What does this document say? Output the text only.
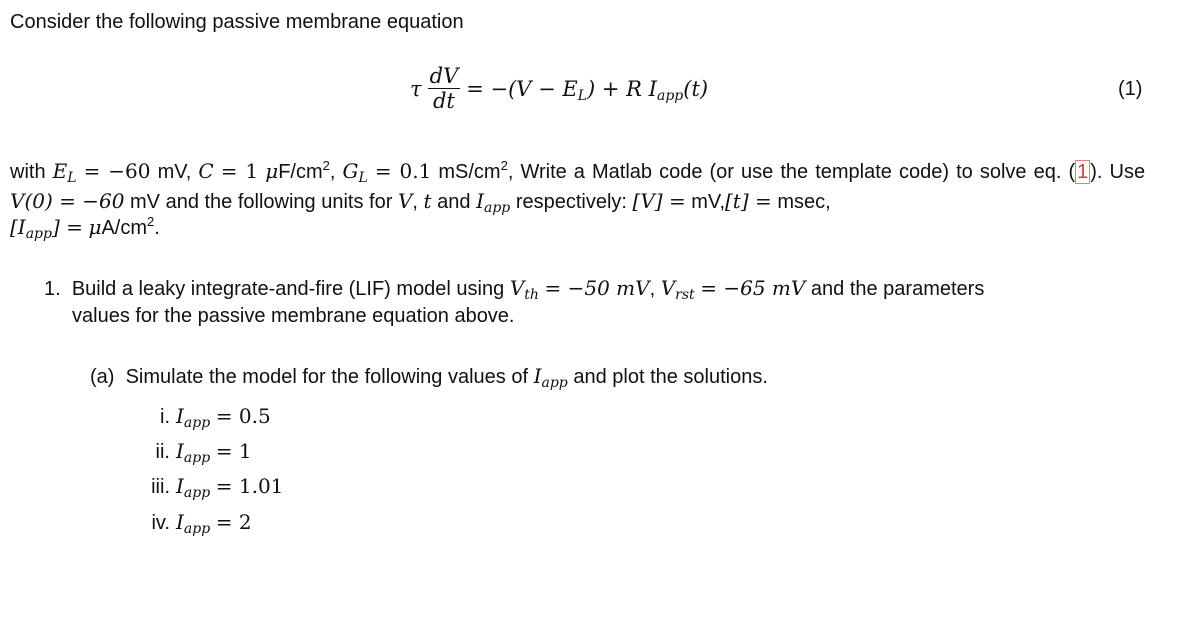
Consider the following passive membrane equation
τ $\frac{dV}{dt} = -(V - E_L) + R$ $I_{app}(t)$	(1)
with $E_L = -60$ mV, C = 1 $\mu F/cm^2$, $G_L = 0.1$ $mS/cm^2$, Write a Matlab code (or use the template code) to solve eq. ( 1 ). Use V(0) = −60 mV and the following units for V, t and $I_{app}$ respectively: [V] = mV,[t] = msec,
$[I_{app}] = \mu A/cm^2$.
1. Build a leaky integrate-and-fire (LIF) model using $V_{th} = -50$ mV, $V_{rst} = -65$ mV and the parameters
values for the passive membrane equation above.
(a) Simulate the model for the following values of $I_{app}$ and plot the solutions.
i. $I_{app} = 0.5$
ii. $I_{app} = 1$
iii. $I_{app} = 1.01$
iv. $I_{app} = 2$
